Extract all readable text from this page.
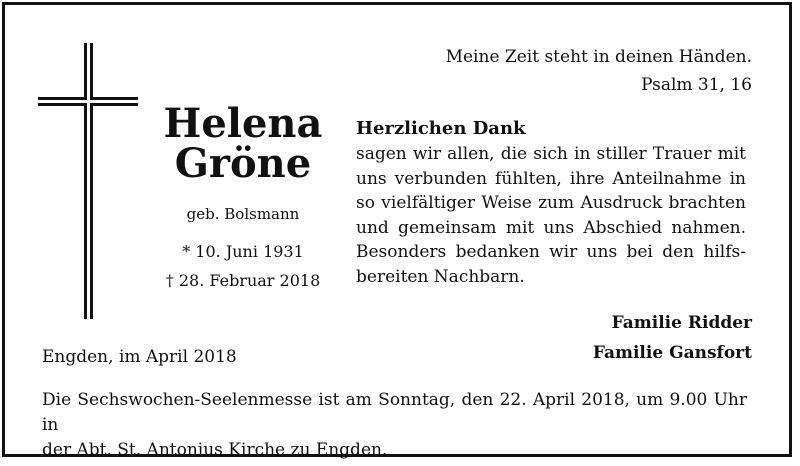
Meine Zeit steht in deinen Händen.
Psalm 31, 16
Helena
Gröne
geb. Bolsmann
* 10. Juni 1931
† 28. Februar 2018
Herzlichen Dank
sagen wir allen, die sich in stiller Trauer mit
uns verbunden fühlten, ihre Anteilnahme in
so vielfältiger Weise zum Ausdruck brachten
und gemeinsam mit uns Abschied nahmen.
Besonders bedanken wir uns bei den hilfs-
bereiten Nachbarn.
Familie Ridder
Familie Gansfort
Engden, im April 2018
Die Sechswochen-Seelenmesse ist am Sonntag, den 22. April 2018, um 9.00 Uhr in
der Abt. St. Antonius Kirche zu Engden.
